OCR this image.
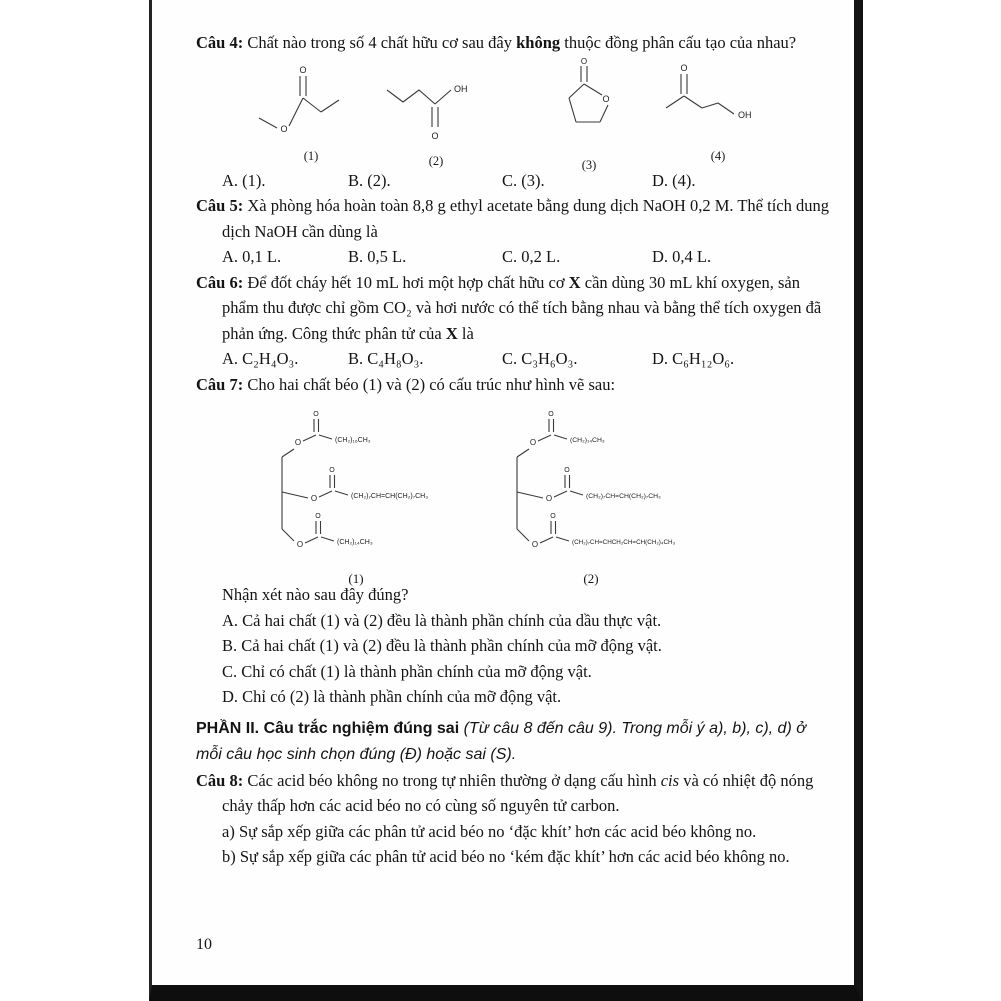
Câu 4: Chất nào trong số 4 chất hữu cơ sau đây không thuộc đồng phân cấu tạo của nhau?

O
O
(1)
OH
O
(2)
O
O
(3)
O
OH
(4)
A. (1).	B. (2).	C. (3).	D. (4).

Câu 5: Xà phòng hóa hoàn toàn 8,8 g ethyl acetate bằng dung dịch NaOH 0,2 M. Thể tích dung dịch NaOH cần dùng là

A. 0,1 L.	B. 0,5 L.	C. 0,2 L.	D. 0,4 L.

Câu 6: Để đốt cháy hết 10 mL hơi một hợp chất hữu cơ X cần dùng 30 mL khí oxygen, sản phẩm thu được chỉ gồm CO₂ và hơi nước có thể tích bằng nhau và bằng thể tích oxygen đã phản ứng. Công thức phân tử của X là

A. C₂H₄O₃.	B. C₄H₈O₃.	C. C₃H₆O₃.	D. C₆H₁₂O₆.

Câu 7: Cho hai chất béo (1) và (2) có cấu trúc như hình vẽ sau:

O
O
(CH₂)₁₆CH₃
O
O
(CH₂)₇CH=CH(CH₂)₇CH₃
O
O
(CH₂)₁₄CH₃
(1)
O
O
(CH₂)₁₄CH₃
O
O
(CH₂)₇CH=CH(CH₂)₇CH₃
O
O
(CH₂)₇CH=CHCH₂CH=CH(CH₂)₄CH₃
(2)

Nhận xét nào sau đây đúng?

A. Cả hai chất (1) và (2) đều là thành phần chính của dầu thực vật.

B. Cả hai chất (1) và (2) đều là thành phần chính của mỡ động vật.

C. Chỉ có chất (1) là thành phần chính của mỡ động vật.

D. Chỉ có (2) là thành phần chính của mỡ động vật.

PHẦN II. Câu trắc nghiệm đúng sai (Từ câu 8 đến câu 9). Trong mỗi ý a), b), c), d) ở mỗi câu học sinh chọn đúng (Đ) hoặc sai (S).

Câu 8: Các acid béo không no trong tự nhiên thường ở dạng cấu hình cis và có nhiệt độ nóng chảy thấp hơn các acid béo no có cùng số nguyên tử carbon.

a) Sự sắp xếp giữa các phân tử acid béo no ‘đặc khít’ hơn các acid béo không no.

b) Sự sắp xếp giữa các phân tử acid béo no ‘kém đặc khít’ hơn các acid béo không no.

10
